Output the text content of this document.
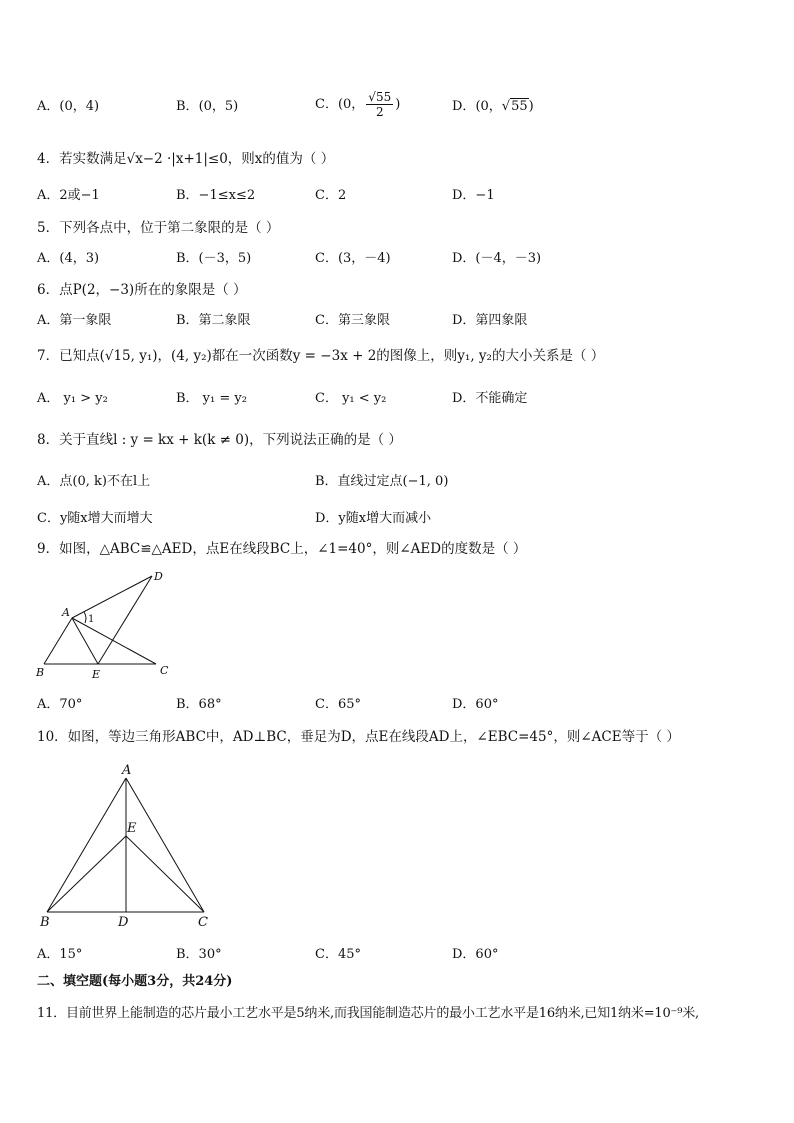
A．(0，4)	B．(0，5)	C．(0， $\frac{√55}{2}$ )	D．(0，√55)
4．若实数满足√x−2 ·|x+1|≤0，则x的值为（ ）
A．2或−1	B．−1≤x≤2	C．2	D．−1
5．下列各点中，位于第二象限的是（ ）
A．(4，3)	B．(－3，5)	C．(3，－4)	D．(－4，－3)
6．点P(2，−3)所在的象限是（ ）
A．第一象限	B．第二象限	C．第三象限	D．第四象限
7．已知点(√15, y₁)，(4, y₂)都在一次函数y = −3x + 2的图像上，则y₁, y₂的大小关系是（ ）
A． y₁ > y₂	B． y₁ = y₂	C． y₁ < y₂	D．不能确定
8．关于直线l : y = kx + k(k ≠ 0)，下列说法正确的是（ ）
A．点(0, k)不在l上	B．直线过定点(−1, 0)
C．y随x增大而增大	D．y随x增大而减小
9．如图，△ABC≌△AED，点E在线段BC上，∠1=40°，则∠AED的度数是（ ）
A
B	C
D
E
1
A．70°	B．68°	C．65°	D．60°
10．如图，等边三角形ABC中，AD⊥BC，垂足为D，点E在线段AD上，∠EBC=45°，则∠ACE等于（ ）
A
B	C
D
E
A．15°	B．30°	C．45°	D．60°
二、填空题(每小题3分，共24分)
11．目前世界上能制造的芯片最小工艺水平是5纳米,而我国能制造芯片的最小工艺水平是16纳米,已知1纳米=10⁻⁹米,
